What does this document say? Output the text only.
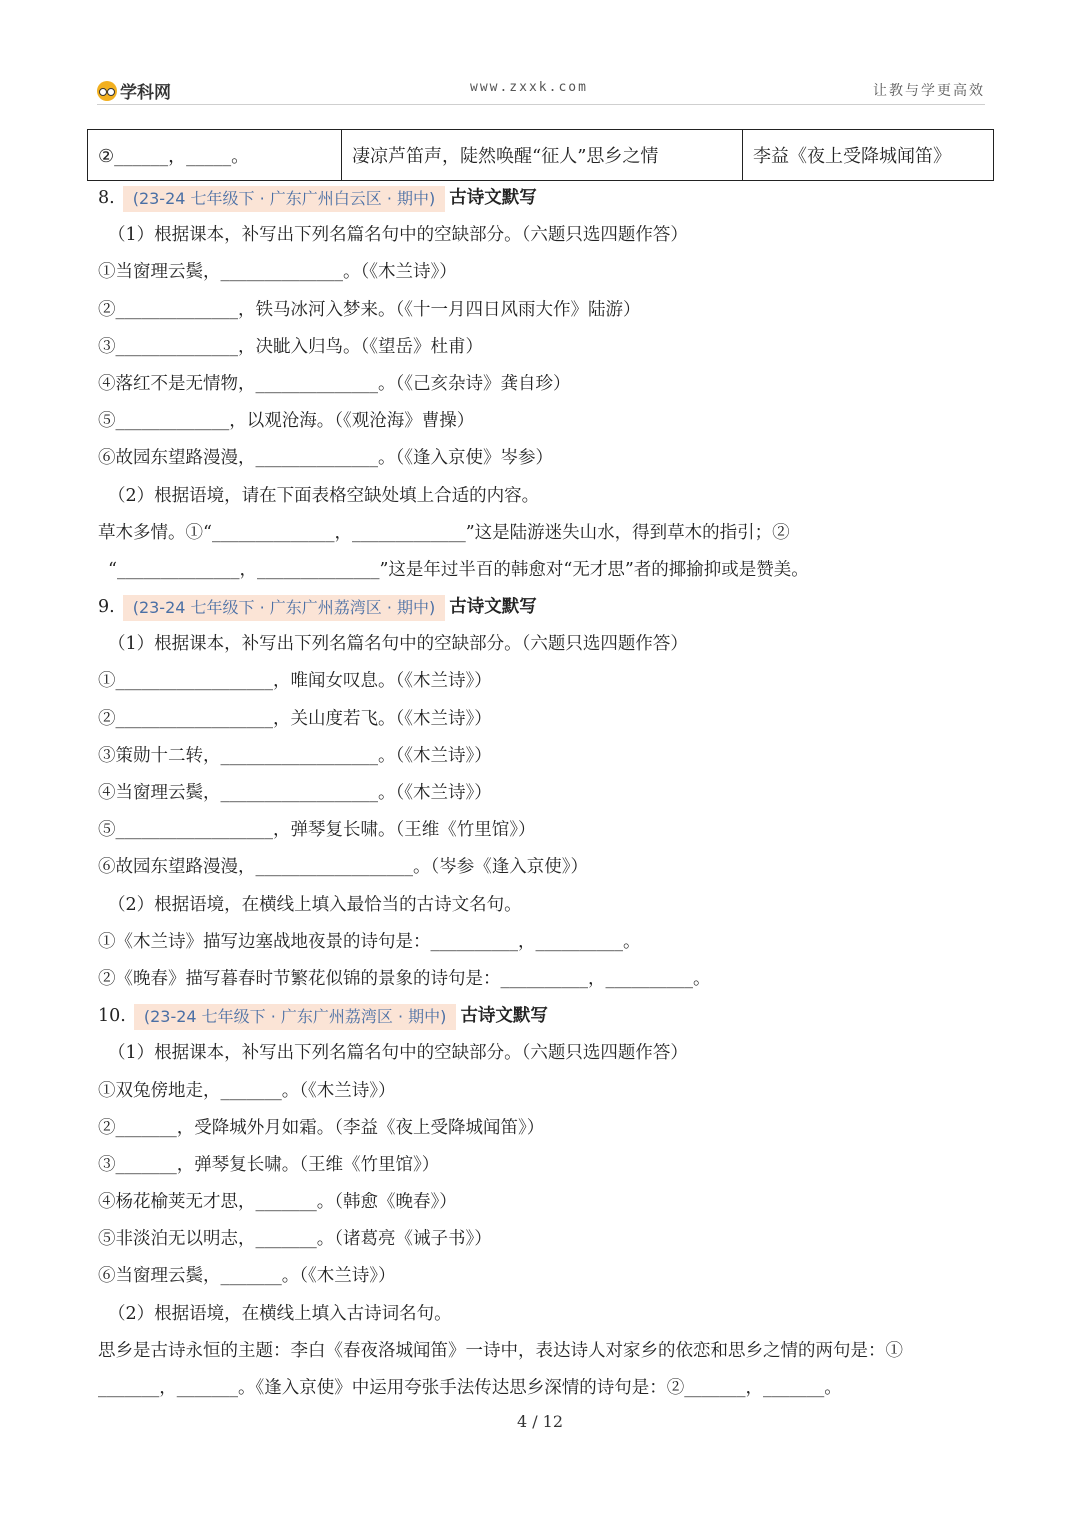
学科网	www.zxxk.com	让教与学更高效
②______，_____。	凄凉芦笛声，陡然唤醒“征人”思乡之情	李益《夜上受降城闻笛》
8. (23-24 七年级下 · 广东广州白云区 · 期中) 古诗文默写
（1）根据课本，补写出下列名篇名句中的空缺部分。（六题只选四题作答）
①当窗理云鬓，______________。（《木兰诗》）
②______________，铁马冰河入梦来。（《十一月四日风雨大作》陆游）
③______________，决眦入归鸟。（《望岳》杜甫）
④落红不是无情物，______________。（《己亥杂诗》龚自珍）
⑤_____________，以观沧海。（《观沧海》曹操）
⑥故园东望路漫漫，______________。（《逢入京使》岑参）
（2）根据语境，请在下面表格空缺处填上合适的内容。
草木多情。①“______________，_____________”这是陆游迷失山水，得到草木的指引；②
“______________，______________”这是年过半百的韩愈对“无才思”者的揶揄抑或是赞美。
9. (23-24 七年级下 · 广东广州荔湾区 · 期中) 古诗文默写
（1）根据课本，补写出下列名篇名句中的空缺部分。（六题只选四题作答）
①__________________，唯闻女叹息。（《木兰诗》）
②__________________，关山度若飞。（《木兰诗》）
③策勋十二转，__________________。（《木兰诗》）
④当窗理云鬓，__________________。（《木兰诗》）
⑤__________________，弹琴复长啸。（王维《竹里馆》）
⑥故园东望路漫漫，__________________。（岑参《逢入京使》）
（2）根据语境，在横线上填入最恰当的古诗文名句。
①《木兰诗》描写边塞战地夜景的诗句是：__________，__________。
②《晚春》描写暮春时节繁花似锦的景象的诗句是：__________，__________。
10. (23-24 七年级下 · 广东广州荔湾区 · 期中) 古诗文默写
（1）根据课本，补写出下列名篇名句中的空缺部分。（六题只选四题作答）
①双兔傍地走，_______。（《木兰诗》）
②_______，受降城外月如霜。（李益《夜上受降城闻笛》）
③_______，弹琴复长啸。（王维《竹里馆》）
④杨花榆荚无才思，_______。（韩愈《晚春》）
⑤非淡泊无以明志，_______。（诸葛亮《诫子书》）
⑥当窗理云鬓，_______。（《木兰诗》）
（2）根据语境，在横线上填入古诗词名句。
思乡是古诗永恒的主题：李白《春夜洛城闻笛》一诗中，表达诗人对家乡的依恋和思乡之情的两句是：①
_______，_______。《逢入京使》中运用夸张手法传达思乡深情的诗句是：②_______，_______。
4 / 12
